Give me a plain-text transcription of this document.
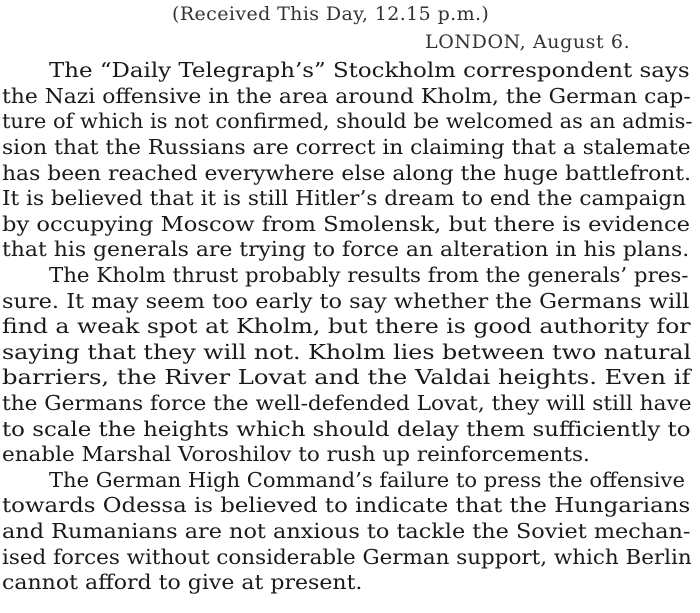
(Received This Day, 12.15 p.m.)
LONDON, August 6.
The “Daily Telegraph’s” Stockholm correspondent says
the Nazi offensive in the area around Kholm, the German cap-
ture of which is not confirmed, should be welcomed as an admis-
sion that the Russians are correct in claiming that a stalemate
has been reached everywhere else along the huge battlefront.
It is believed that it is still Hitler’s dream to end the campaign
by occupying Moscow from Smolensk, but there is evidence
that his generals are trying to force an alteration in his plans.
The Kholm thrust probably results from the generals’ pres-
sure. It may seem too early to say whether the Germans will
find a weak spot at Kholm, but there is good authority for
saying that they will not. Kholm lies between two natural
barriers, the River Lovat and the Valdai heights. Even if
the Germans force the well-defended Lovat, they will still have
to scale the heights which should delay them sufficiently to
enable Marshal Voroshilov to rush up reinforcements.
The German High Command’s failure to press the offensive
towards Odessa is believed to indicate that the Hungarians
and Rumanians are not anxious to tackle the Soviet mechan-
ised forces without considerable German support, which Berlin
cannot afford to give at present.
